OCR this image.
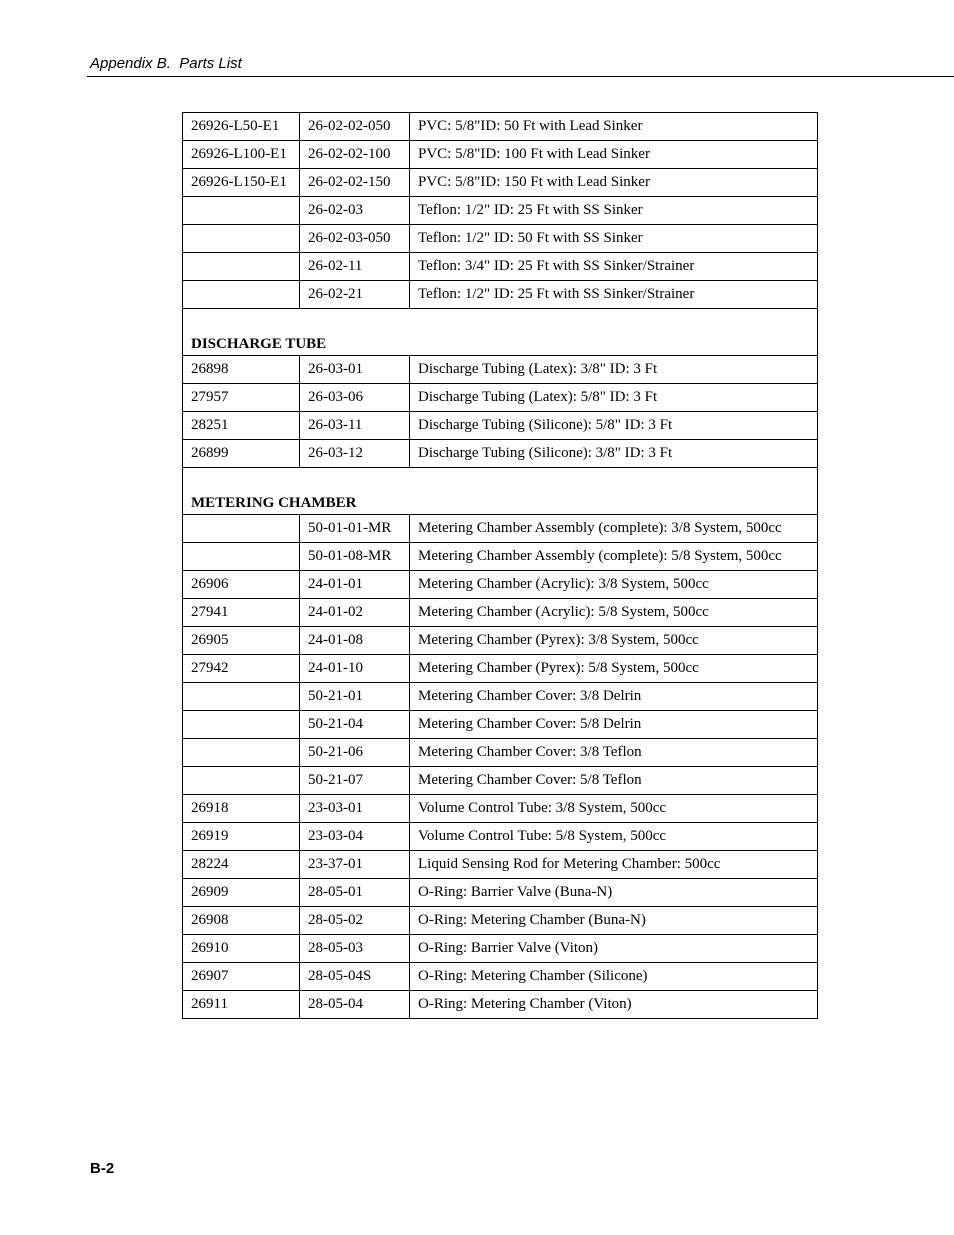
Appendix B.  Parts List
26926-L50-E1	26-02-02-050	PVC: 5/8"ID: 50 Ft with Lead Sinker
26926-L100-E1	26-02-02-100	PVC: 5/8"ID: 100 Ft with Lead Sinker
26926-L150-E1	26-02-02-150	PVC: 5/8"ID: 150 Ft with Lead Sinker
	26-02-03	Teflon: 1/2" ID: 25 Ft with SS Sinker
	26-02-03-050	Teflon: 1/2" ID: 50 Ft with SS Sinker
	26-02-11	Teflon: 3/4" ID: 25 Ft with SS Sinker/Strainer
	26-02-21	Teflon: 1/2" ID: 25 Ft with SS Sinker/Strainer
DISCHARGE TUBE		
26898	26-03-01	Discharge Tubing (Latex): 3/8" ID: 3 Ft
27957	26-03-06	Discharge Tubing (Latex): 5/8" ID: 3 Ft
28251	26-03-11	Discharge Tubing (Silicone): 5/8" ID: 3 Ft
26899	26-03-12	Discharge Tubing (Silicone): 3/8" ID: 3 Ft
METERING CHAMBER		
	50-01-01-MR	Metering Chamber Assembly (complete): 3/8 System, 500cc
	50-01-08-MR	Metering Chamber Assembly (complete): 5/8 System, 500cc
26906	24-01-01	Metering Chamber (Acrylic): 3/8 System, 500cc
27941	24-01-02	Metering Chamber (Acrylic): 5/8 System, 500cc
26905	24-01-08	Metering Chamber (Pyrex): 3/8 System, 500cc
27942	24-01-10	Metering Chamber (Pyrex): 5/8 System, 500cc
	50-21-01	Metering Chamber Cover: 3/8 Delrin
	50-21-04	Metering Chamber Cover: 5/8 Delrin
	50-21-06	Metering Chamber Cover: 3/8 Teflon
	50-21-07	Metering Chamber Cover: 5/8 Teflon
26918	23-03-01	Volume Control Tube: 3/8 System, 500cc
26919	23-03-04	Volume Control Tube: 5/8 System, 500cc
28224	23-37-01	Liquid Sensing Rod for Metering Chamber: 500cc
26909	28-05-01	O-Ring: Barrier Valve (Buna-N)
26908	28-05-02	O-Ring: Metering Chamber (Buna-N)
26910	28-05-03	O-Ring: Barrier Valve (Viton)
26907	28-05-04S	O-Ring: Metering Chamber (Silicone)
26911	28-05-04	O-Ring: Metering Chamber (Viton)
B-2
